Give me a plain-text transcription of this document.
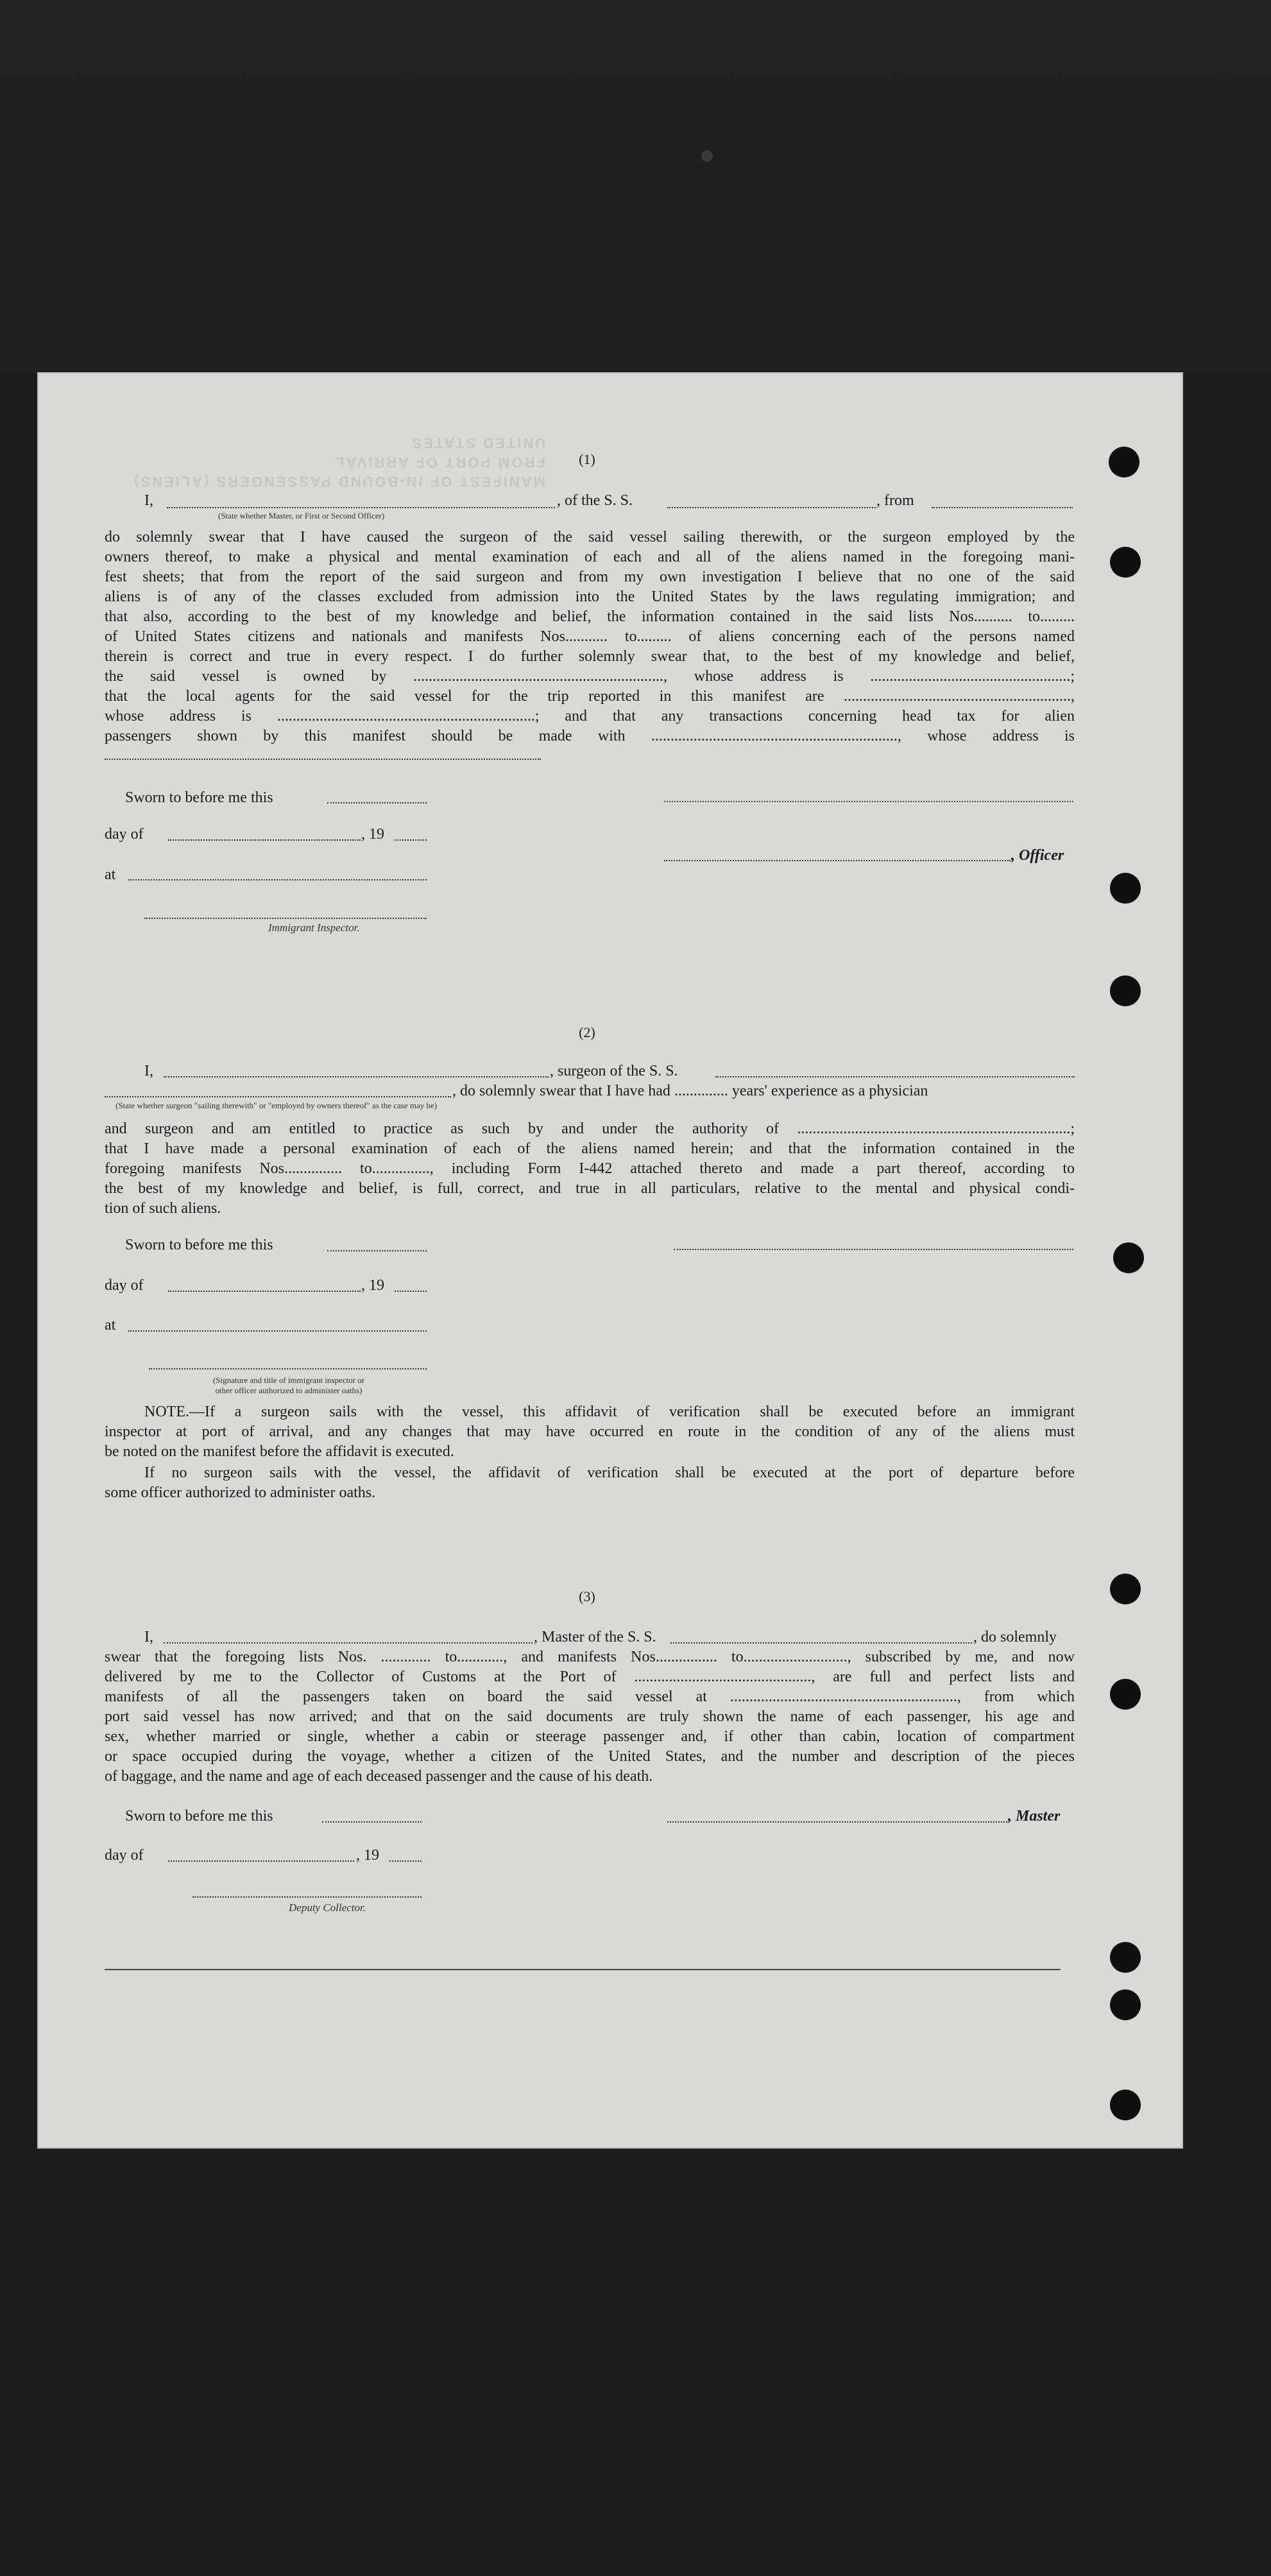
MANIFEST OF IN-BOUND PASSENGERS (ALIENS)
FROM PORT OF ARRIVAL
UNITED STATES
(1)
I,	, of the S. S.	, from
(State whether Master, or First or Second Officer)
do solemnly swear that I have caused the surgeon of the said vessel sailing therewith, or the surgeon employed by the
owners thereof, to make a physical and mental examination of each and all of the aliens named in the foregoing mani-
fest sheets; that from the report of the said surgeon and from my own investigation I believe that no one of the said
aliens is of any of the classes excluded from admission into the United States by the laws regulating immigration; and
that also, according to the best of my knowledge and belief, the information contained in the said lists Nos.......... to.........
of United States citizens and nationals and manifests Nos........... to......... of aliens concerning each of the persons named
therein is correct and true in every respect. I do further solemnly swear that, to the best of my knowledge and belief,
the said vessel is owned by ................................................................., whose address is ....................................................;
that the local agents for the said vessel for the trip reported in this manifest are ...........................................................,
whose address is ...................................................................; and that any transactions concerning head tax for alien
passengers shown by this manifest should be made with ................................................................, whose address is
Sworn to before me this
day of	, 19
, Officer
at
Immigrant Inspector.
(2)
I,	, surgeon of the S. S.
, do solemnly swear that I have had .............. years' experience as a physician
(State whether surgeon "sailing therewith" or "employed by owners thereof" as the case may be)
and surgeon and am entitled to practice as such by and under the authority of .......................................................................;
that I have made a personal examination of each of the aliens named herein; and that the information contained in the
foregoing manifests Nos............... to..............., including Form I-442 attached thereto and made a part thereof, according to
the best of my knowledge and belief, is full, correct, and true in all particulars, relative to the mental and physical condi-
tion of such aliens.
Sworn to before me this
day of	, 19
at
(Signature and title of immigrant inspector or
other officer authorized to administer oaths)
NOTE.—If a surgeon sails with the vessel, this affidavit of verification shall be executed before an immigrant
inspector at port of arrival, and any changes that may have occurred en route in the condition of any of the aliens must
be noted on the manifest before the affidavit is executed.
If no surgeon sails with the vessel, the affidavit of verification shall be executed at the port of departure before
some officer authorized to administer oaths.
(3)
I,	, Master of the S. S.	, do solemnly
swear that the foregoing lists Nos. ............. to............, and manifests Nos................ to..........................., subscribed by me, and now
delivered by me to the Collector of Customs at the Port of .............................................., are full and perfect lists and
manifests of all the passengers taken on board the said vessel at ..........................................................., from which
port said vessel has now arrived; and that on the said documents are truly shown the name of each passenger, his age and
sex, whether married or single, whether a cabin or steerage passenger and, if other than cabin, location of compartment
or space occupied during the voyage, whether a citizen of the United States, and the number and description of the pieces
of baggage, and the name and age of each deceased passenger and the cause of his death.
Sworn to before me this	, Master
day of	, 19
Deputy Collector.
